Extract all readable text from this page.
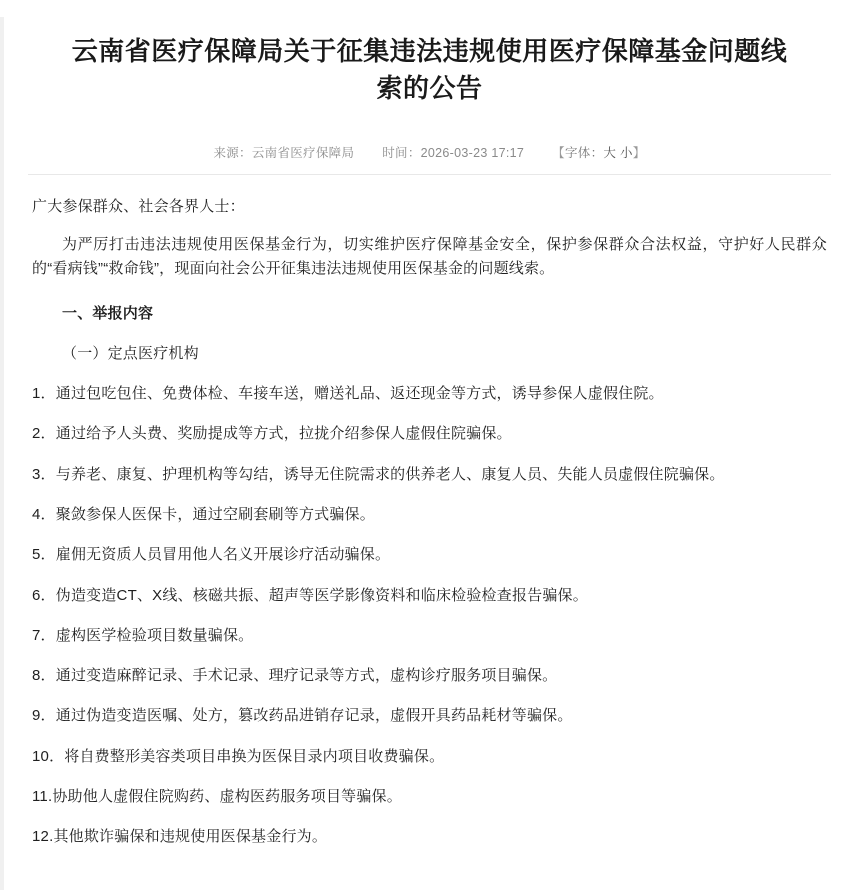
云南省医疗保障局关于征集违法违规使用医疗保障基金问题线索的公告
来源：云南省医疗保障局 时间：2026-03-23 17:17 【字体：大 小】

广大参保群众、社会各界人士：

为严厉打击违法违规使用医保基金行为，切实维护医疗保障基金安全，保护参保群众合法权益，守护好人民群众的“看病钱”“救命钱”，现面向社会公开征集违法违规使用医保基金的问题线索。

一、举报内容

（一）定点医疗机构

1．通过包吃包住、免费体检、车接车送，赠送礼品、返还现金等方式，诱导参保人虚假住院。

2．通过给予人头费、奖励提成等方式，拉拢介绍参保人虚假住院骗保。

3．与养老、康复、护理机构等勾结，诱导无住院需求的供养老人、康复人员、失能人员虚假住院骗保。

4．聚敛参保人医保卡，通过空刷套刷等方式骗保。

5．雇佣无资质人员冒用他人名义开展诊疗活动骗保。

6．伪造变造CT、X线、核磁共振、超声等医学影像资料和临床检验检查报告骗保。

7．虚构医学检验项目数量骗保。

8．通过变造麻醉记录、手术记录、理疗记录等方式，虚构诊疗服务项目骗保。

9．通过伪造变造医嘱、处方，篡改药品进销存记录，虚假开具药品耗材等骗保。

10．将自费整形美容类项目串换为医保目录内项目收费骗保。

11.协助他人虚假住院购药、虚构医药服务项目等骗保。

12.其他欺诈骗保和违规使用医保基金行为。
